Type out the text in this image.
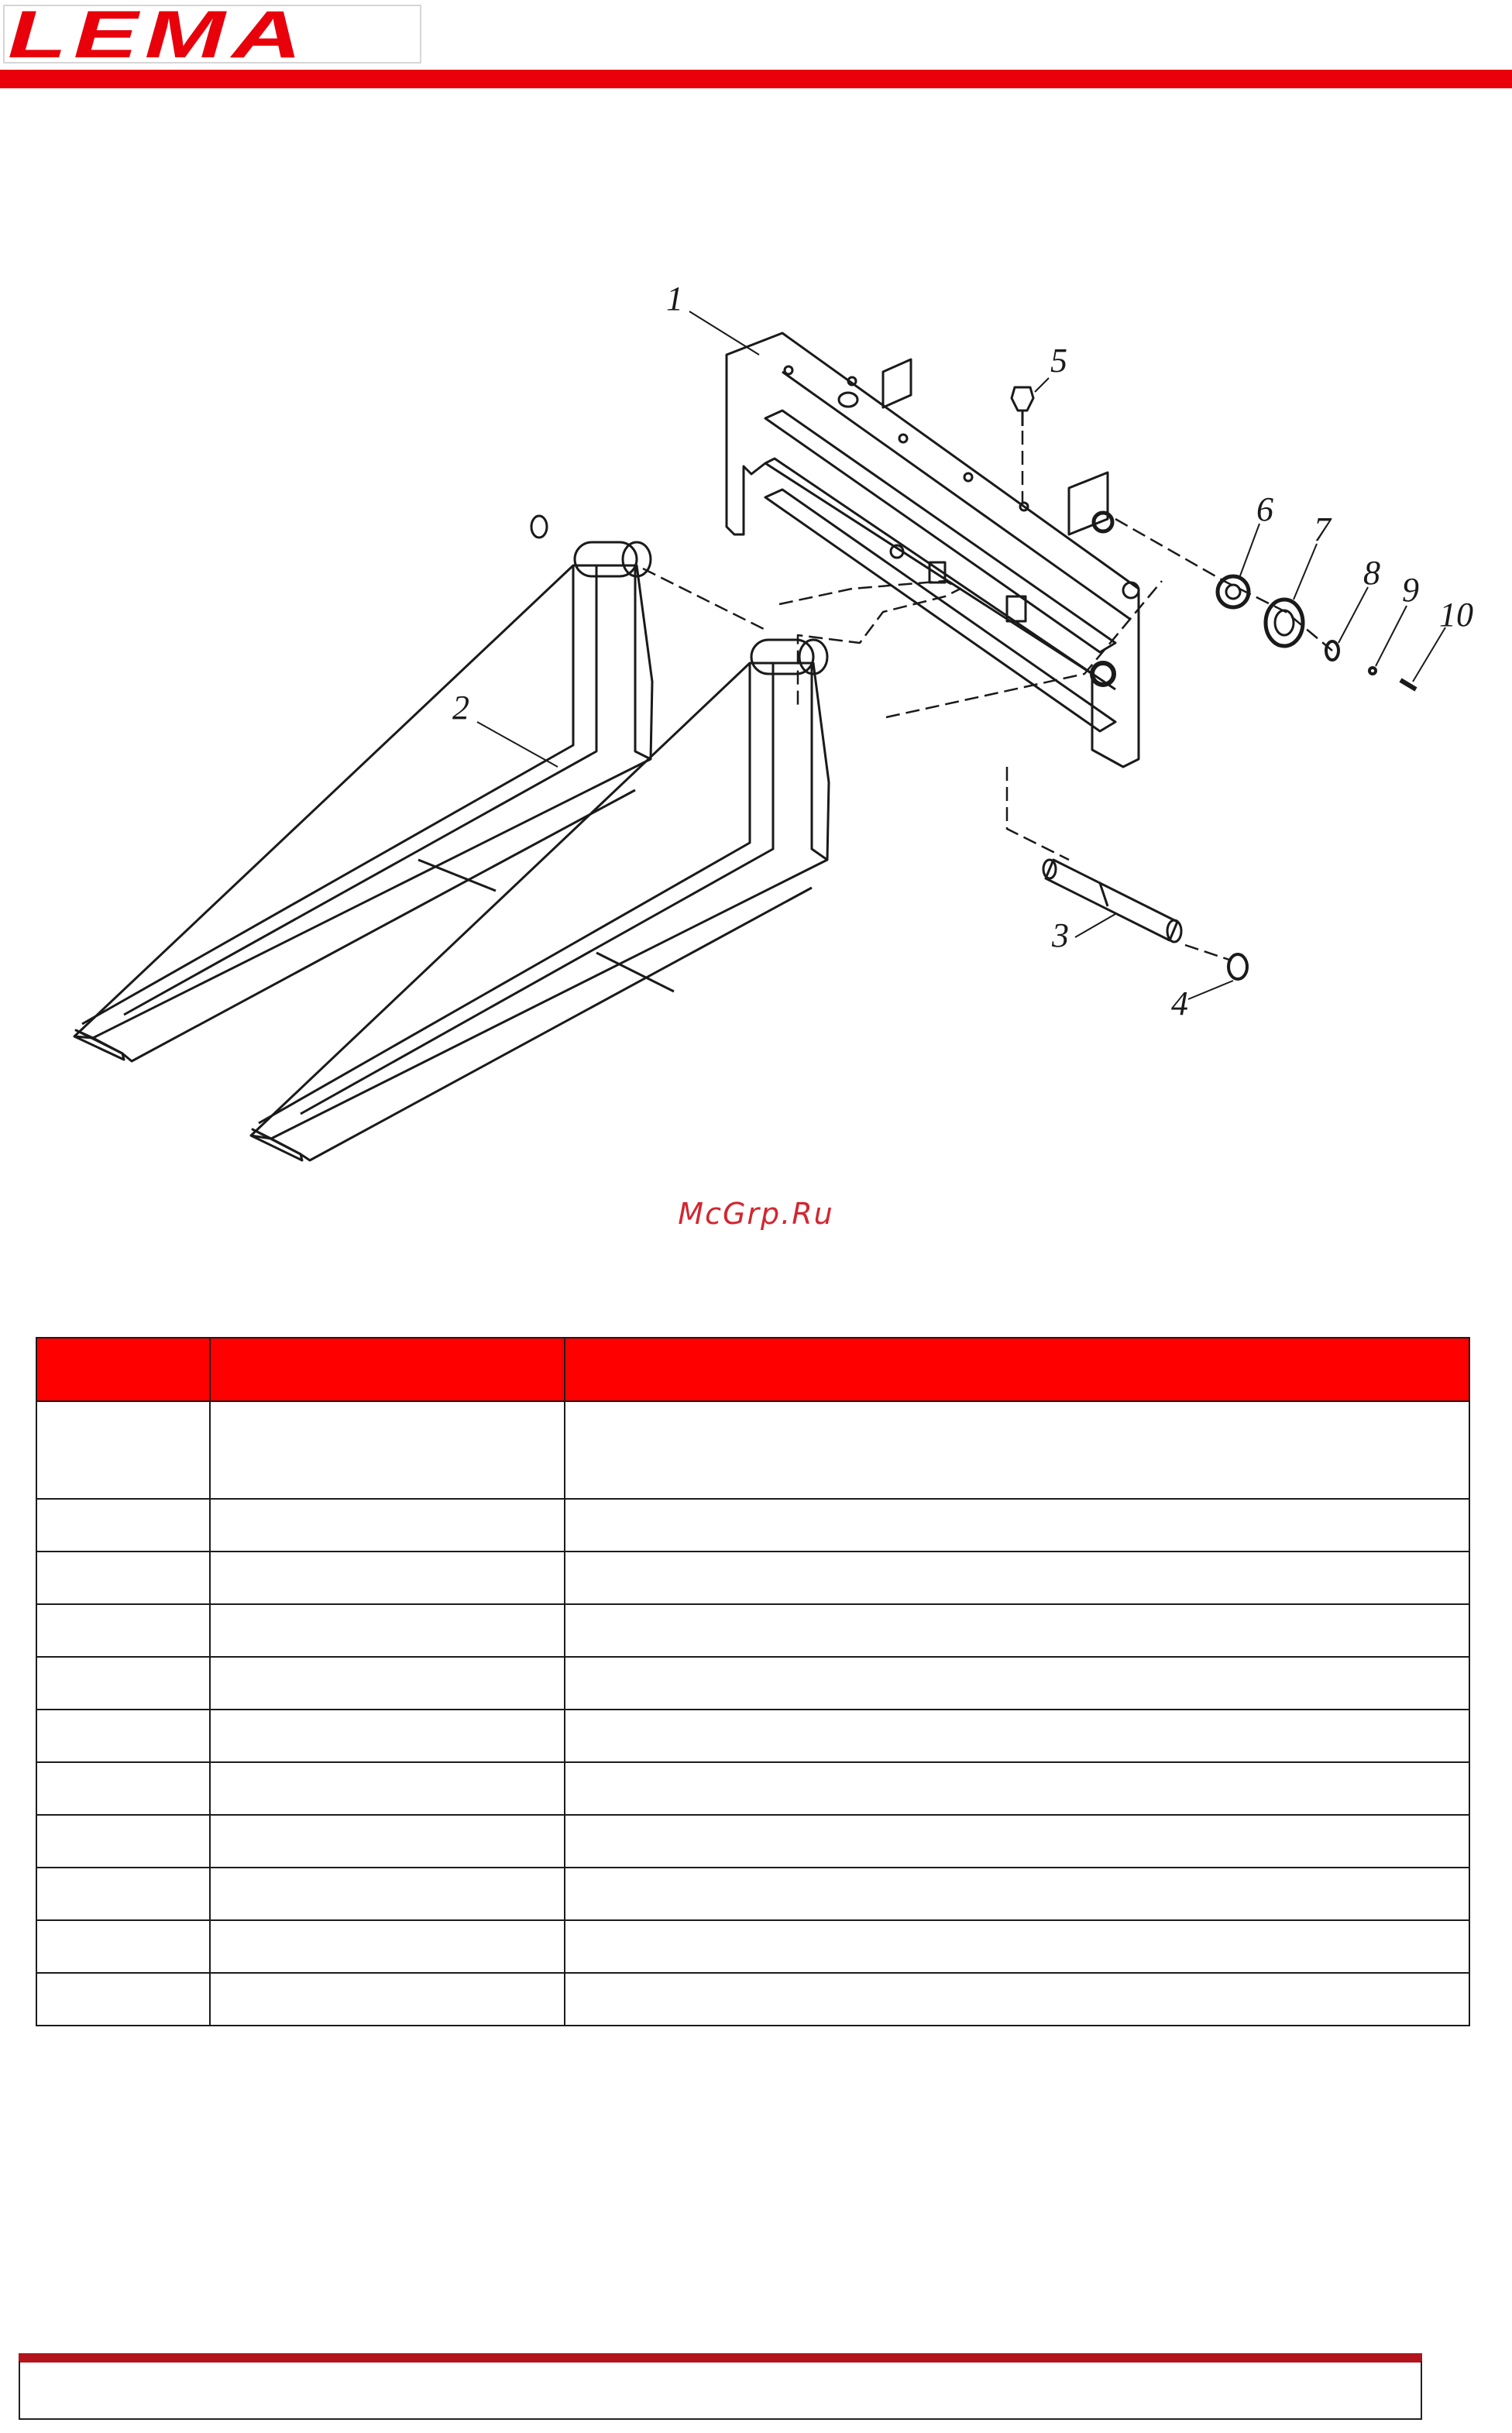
LEMA
1
2
3
4
5
6
7
8 9
10
McGrp.Ru
